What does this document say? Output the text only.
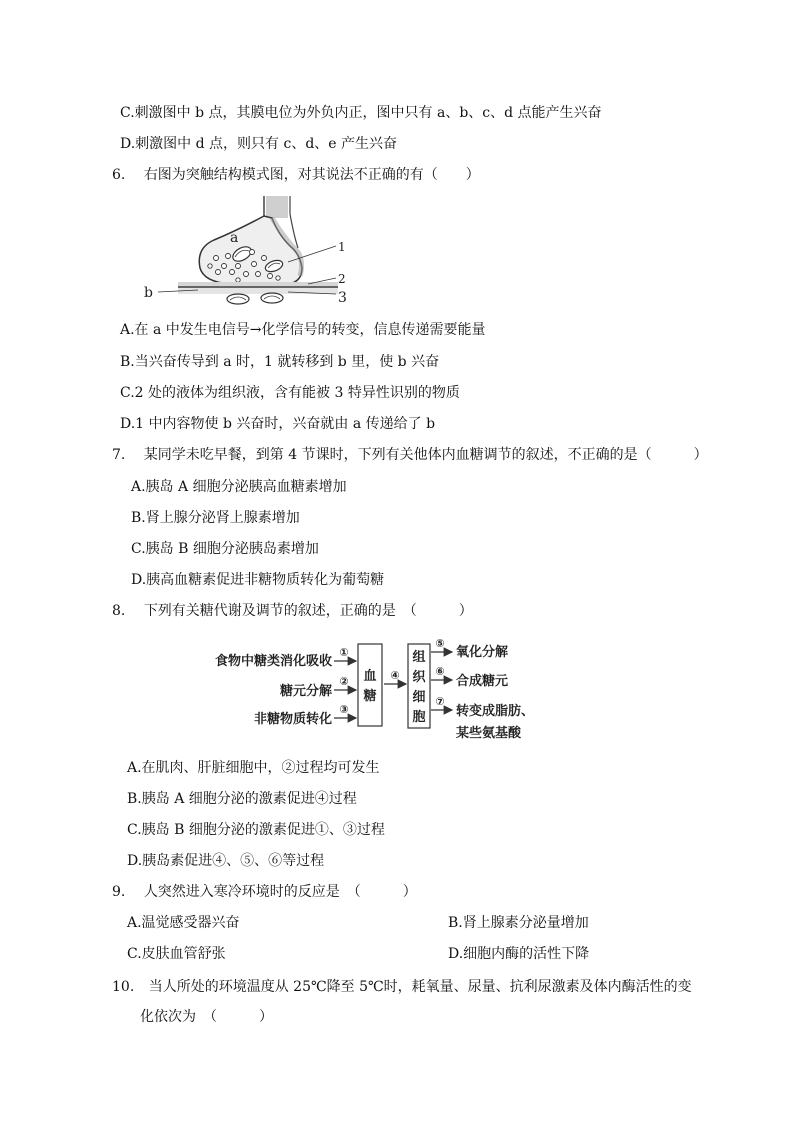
C.刺激图中 b 点，其膜电位为外负内正，图中只有 a、b、c、d 点能产生兴奋
D.刺激图中 d 点，则只有 c、d、e 产生兴奋
6. 右图为突触结构模式图，对其说法不正确的有（　　）
a
1
2
3
b
A.在 a 中发生电信号→化学信号的转变，信息传递需要能量
B.当兴奋传导到 a 时，1 就转移到 b 里，使 b 兴奋
C.2 处的液体为组织液，含有能被 3 特异性识别的物质
D.1 中内容物使 b 兴奋时，兴奋就由 a 传递给了 b
7. 某同学未吃早餐，到第 4 节课时，下列有关他体内血糖调节的叙述，不正确的是（　　　）
A.胰岛 A 细胞分泌胰高血糖素增加
B.肾上腺分泌肾上腺素增加
C.胰岛 B 细胞分泌胰岛素增加
D.胰高血糖素促进非糖物质转化为葡萄糖
8. 下列有关糖代谢及调节的叙述，正确的是　（　　　）
食物中糖类消化吸收
糖元分解
非糖物质转化
①
②
③
血
糖
④
组
织
细
胞
⑤
⑥
⑦
氧化分解
合成糖元
转变成脂肪、
某些氨基酸
A.在肌肉、肝脏细胞中，②过程均可发生
B.胰岛 A 细胞分泌的激素促进④过程
C.胰岛 B 细胞分泌的激素促进①、③过程
D.胰岛素促进④、⑤、⑥等过程
9. 人突然进入寒冷环境时的反应是　（　　　）
A.温觉感受器兴奋	B.肾上腺素分泌量增加
C.皮肤血管舒张	D.细胞内酶的活性下降
10. 当人所处的环境温度从 25℃降至 5℃时，耗氧量、尿量、抗利尿激素及体内酶活性的变
化依次为　（　　　）
